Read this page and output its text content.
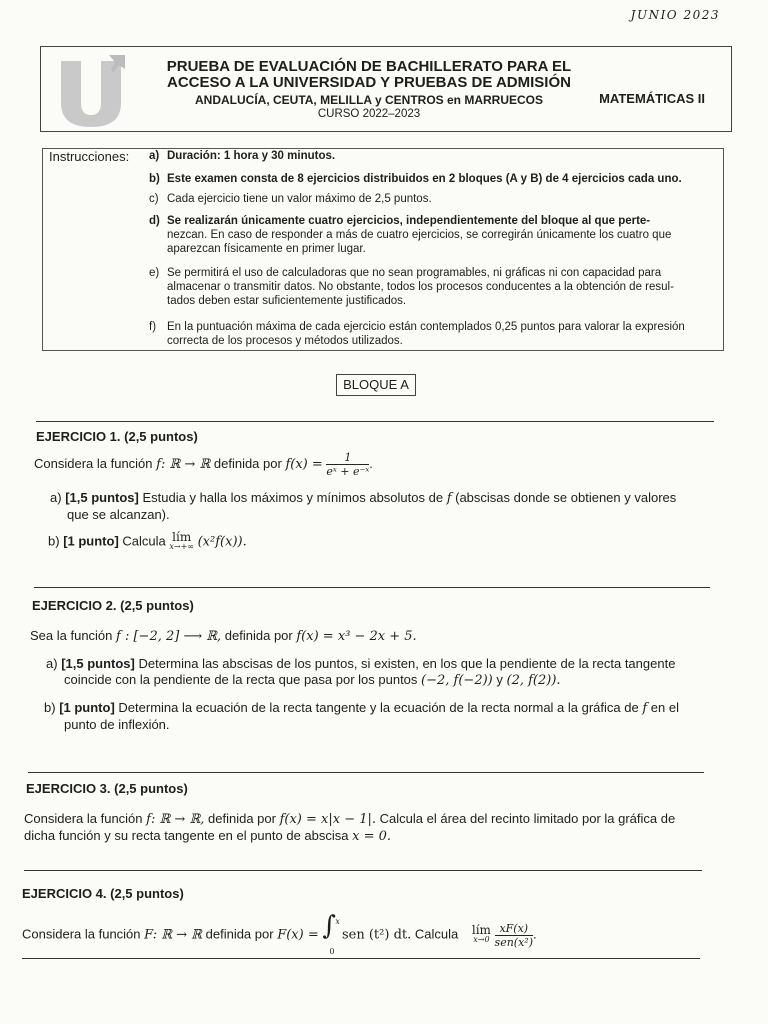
JUNIO 2023
PRUEBA DE EVALUACIÓN DE BACHILLERATO PARA EL
ACCESO A LA UNIVERSIDAD Y PRUEBAS DE ADMISIÓN
ANDALUCÍA, CEUTA, MELILLA y CENTROS en MARRUECOS
CURSO 2022–2023
MATEMÁTICAS II
Instrucciones: a) Duración: 1 hora y 30 minutos.
b) Este examen consta de 8 ejercicios distribuidos en 2 bloques (A y B) de 4 ejercicios cada uno.
c) Cada ejercicio tiene un valor máximo de 2,5 puntos.
d) Se realizarán únicamente cuatro ejercicios, independientemente del bloque al que perte-
nezcan. En caso de responder a más de cuatro ejercicios, se corregirán únicamente los cuatro que
aparezcan físicamente en primer lugar.
e) Se permitirá el uso de calculadoras que no sean programables, ni gráficas ni con capacidad para
almacenar o transmitir datos. No obstante, todos los procesos conducentes a la obtención de resul-
tados deben estar suficientemente justificados.
f) En la puntuación máxima de cada ejercicio están contemplados 0,25 puntos para valorar la expresión
correcta de los procesos y métodos utilizados.
BLOQUE A
EJERCICIO 1. (2,5 puntos)
Considera la función f: ℝ → ℝ definida por $f(x) = \frac{1}{\text{eˣ + e⁻ˣ}}$ .
a) [1,5 puntos] Estudia y halla los máximos y mínimos absolutos de f (abscisas donde se obtienen y valores
que se alcanzan).
b) [1 punto] Calcula lím
x→+∞ (x²f(x)).
EJERCICIO 2. (2,5 puntos)
Sea la función f : [−2, 2] ⟶ ℝ, definida por f(x) = x³ − 2x + 5.
a) [1,5 puntos] Determina las abscisas de los puntos, si existen, en los que la pendiente de la recta tangente
coincide con la pendiente de la recta que pasa por los puntos (−2, f(−2)) y (2, f(2)).
b) [1 punto] Determina la ecuación de la recta tangente y la ecuación de la recta normal a la gráfica de f en el
punto de inflexión.
EJERCICIO 3. (2,5 puntos)
Considera la función f: ℝ → ℝ, definida por f(x) = x|x − 1|. Calcula el área del recinto limitado por la gráfica de
dicha función y su recta tangente en el punto de abscisa x = 0.
EJERCICIO 4. (2,5 puntos)
Considera la función F: ℝ → ℝ definida por F(x) = ∫ x
0
sen (t²) dt. Calcula lím
x→0
$\frac{xF(x)}{\text{sen(x²)}}$ .
